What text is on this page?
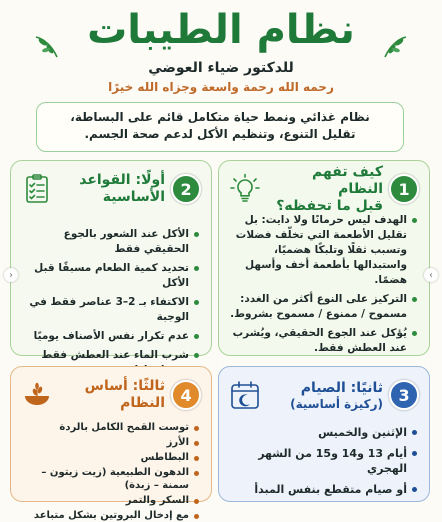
نظام الطيبات
للدكتور ضياء العوضي
رحمه الله رحمة واسعة وجزاه الله خيرًا
نظام غذائي ونمط حياة متكامل قائم على البساطة،
تقليل التنوع، وتنظيم الأكل لدعم صحة الجسم.
1
كيف تفهم النظام
قبل ما تحفظه؟
الهدف ليس حرمانًا ولا دايت: بل تقليل الأطعمة التي تخلّف فضلات وتسبب ثقلًا وتلبكًا هضميًا، واستبدالها بأطعمة أخف وأسهل هضمًا.
التركيز على النوع أكثر من الغدد: مسموح / ممنوع / مسموح بشروط.
يُؤكل عند الجوع الحقيقي، ويُشرب عند العطش فقط.
2
أولًا: القواعد الأساسية
الأكل عند الشعور بالجوع الحقيقي فقط
تحديد كمية الطعام مسبقًا قبل الأكل
الاكتفاء بـ 2–3 عناصر فقط في الوجبة
عدم تكرار نفس الأصناف يوميًا
شرب الماء عند العطش فقط
3
ثانيًا: الصيام
(ركيزة أساسية)
الإثنين والخميس
أيام 13 و14 و15 من الشهر الهجري
أو صيام متقطع بنفس المبدأ
4
ثالثًا: أساس النظام
توست القمح الكامل بالردة
الأرز
البطاطس
الدهون الطبيعية (زيت زيتون – سمنة – زبدة)
السكر والتمر
مع إدخال البروتين بشكل متباعد
‹	›
